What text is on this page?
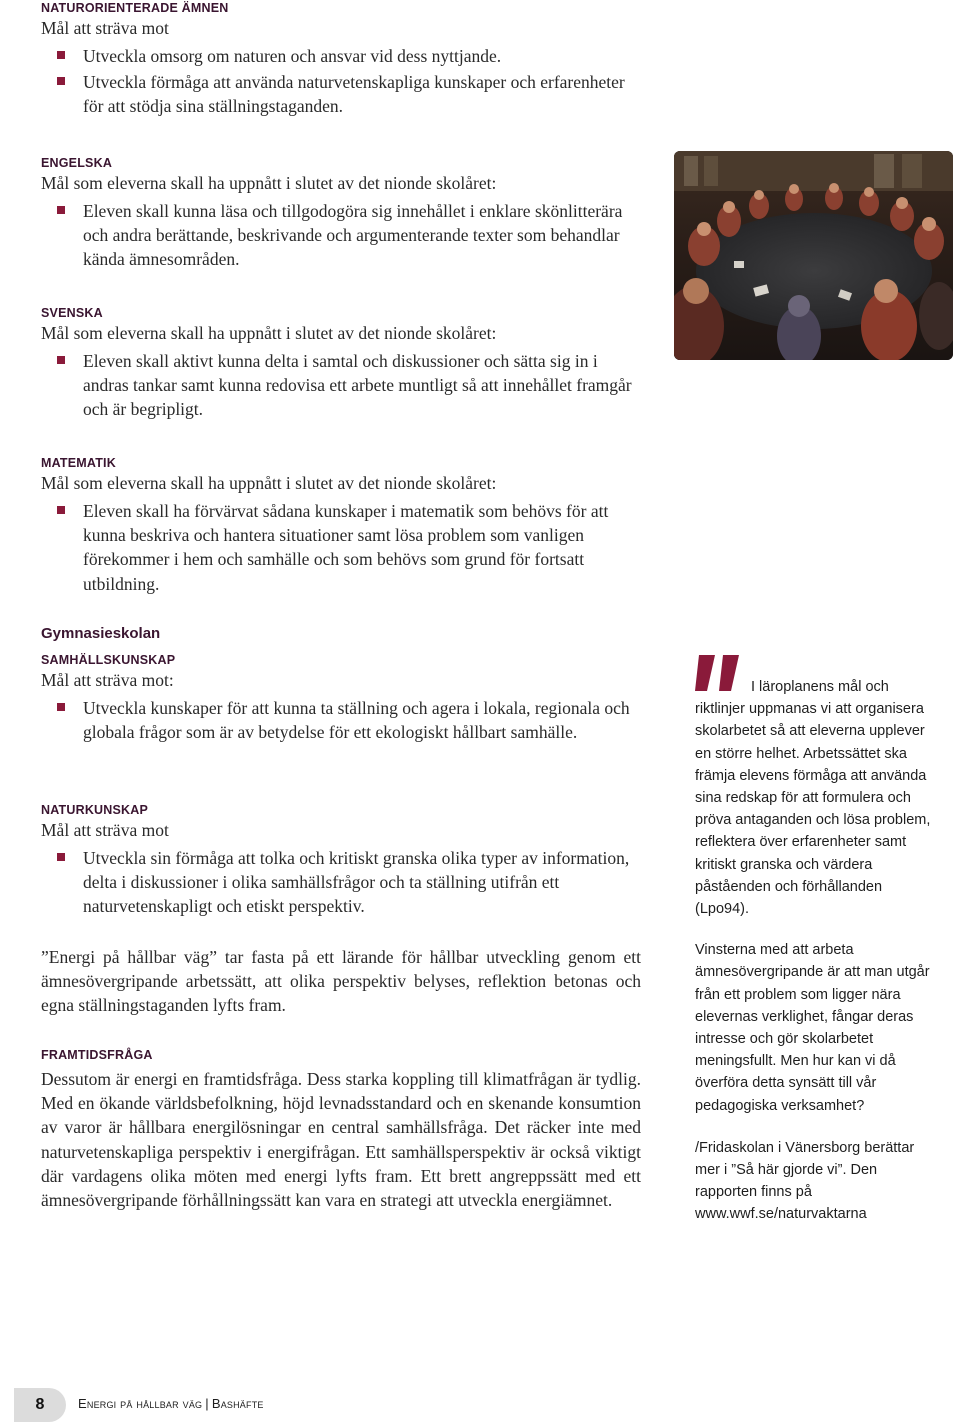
NATURORIENTERADE ÄMNEN
Mål att sträva mot
Utveckla omsorg om naturen och ansvar vid dess nyttjande.
Utveckla förmåga att använda naturvetenskapliga kunskaper och erfarenheter för att stödja sina ställningstaganden.
ENGELSKA
Mål som eleverna skall ha uppnått i slutet av det nionde skolåret:
Eleven skall kunna läsa och tillgodogöra sig innehållet i enklare skönlitterära och andra berättande, beskrivande och argumenterande texter som behandlar kända ämnesområden.
SVENSKA
Mål som eleverna skall ha uppnått i slutet av det nionde skolåret:
Eleven skall aktivt kunna delta i samtal och diskussioner och sätta sig in i andras tankar samt kunna redovisa ett arbete muntligt så att innehållet framgår och är begripligt.
MATEMATIK
Mål som eleverna skall ha uppnått i slutet av det nionde skolåret:
Eleven skall ha förvärvat sådana kunskaper i matematik som behövs för att kunna beskriva och hantera situationer samt lösa problem som vanligen förekommer i hem och samhälle och som behövs som grund för fortsatt utbildning.
Gymnasieskolan
SAMHÄLLSKUNSKAP
Mål att sträva mot:
Utveckla kunskaper för att kunna ta ställning och agera i lokala, regionala och globala frågor som är av betydelse för ett ekologiskt hållbart samhälle.
NATURKUNSKAP
Mål att sträva mot
Utveckla sin förmåga att tolka och kritiskt granska olika typer av information, delta i diskussioner i olika samhällsfrågor och ta ställning utifrån ett naturvetenskapligt och etiskt perspektiv.

”Energi på hållbar väg” tar fasta på ett lärande för hållbar utveckling genom ett ämnesövergripande arbetssätt, att olika perspektiv belyses, reflektion betonas och egna ställningstaganden lyfts fram.

FRAMTIDSFRÅGA

Dessutom är energi en framtidsfråga. Dess starka koppling till klimatfrågan är tydlig. Med en ökande världsbefolkning, höjd levnadsstandard och en skenande konsumtion av varor är hållbara energilösningar en central samhällsfråga. Det räcker inte med naturvetenskapliga perspektiv i energifrågan. Ett samhällsperspektiv är också viktigt där vardagens olika möten med energi lyfts fram. Ett brett angreppssätt med ett ämnesövergripande förhållningssätt kan vara en strategi att utveckla energiämnet.

I läroplanens mål och riktlinjer uppmanas vi att organisera skolarbetet så att eleverna upplever en större helhet. Arbetssättet ska främja elevens förmåga att använda sina redskap för att formulera och pröva antaganden och lösa problem, reflektera över erfarenheter samt kritiskt granska och värdera påståenden och förhållanden (Lpo94).

Vinsterna med att arbeta ämnesövergripande är att man utgår från ett problem som ligger nära elevernas verklighet, fångar deras intresse och gör skolarbetet meningsfullt. Men hur kan vi då överföra detta synsätt till vår pedagogiska verksamhet?

/Fridaskolan i Vänersborg berättar mer i ”Så här gjorde vi”. Den rapporten finns på www.wwf.se/naturvaktarna

8	Energi på hållbar väg | Bashäfte
